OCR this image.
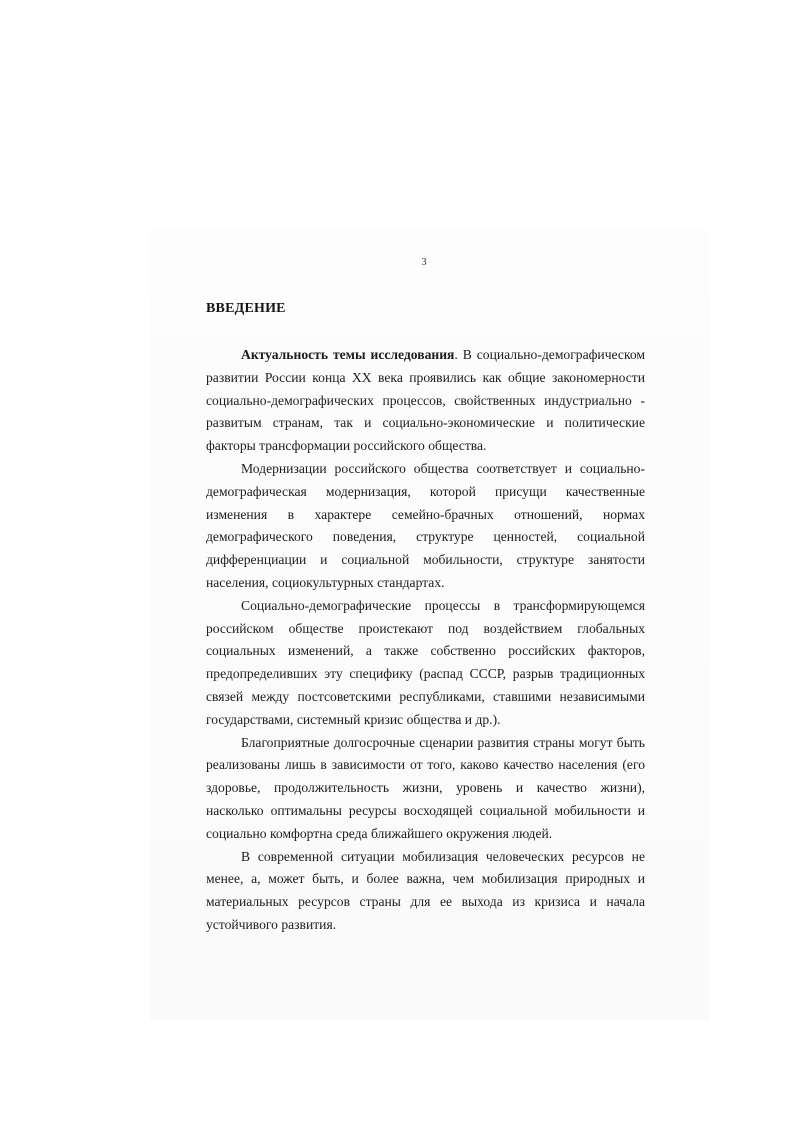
3
ВВЕДЕНИЕ

Актуальность темы исследования. В социально-демографическом развитии России конца XX века проявились как общие закономерности социально-демографических процессов, свойственных индустриально - развитым странам, так и социально-экономические и политические факторы трансформации российского общества.

Модернизации российского общества соответствует и социально-демографическая модернизация, которой присущи качественные изменения в характере семейно-брачных отношений, нормах демографического поведения, структуре ценностей, социальной дифференциации и социальной мобильности, структуре занятости населения, социокультурных стандартах.

Социально-демографические процессы в трансформирующемся российском обществе проистекают под воздействием глобальных социальных изменений, а также собственно российских факторов, предопределивших эту специфику (распад СССР, разрыв традиционных связей между постсоветскими республиками, ставшими независимыми государствами, системный кризис общества и др.).

Благоприятные долгосрочные сценарии развития страны могут быть реализованы лишь в зависимости от того, каково качество населения (его здоровье, продолжительность жизни, уровень и качество жизни), насколько оптимальны ресурсы восходящей социальной мобильности и социально комфортна среда ближайшего окружения людей.

В современной ситуации мобилизация человеческих ресурсов не менее, а, может быть, и более важна, чем мобилизация природных и материальных ресурсов страны для ее выхода из кризиса и начала устойчивого развития.
